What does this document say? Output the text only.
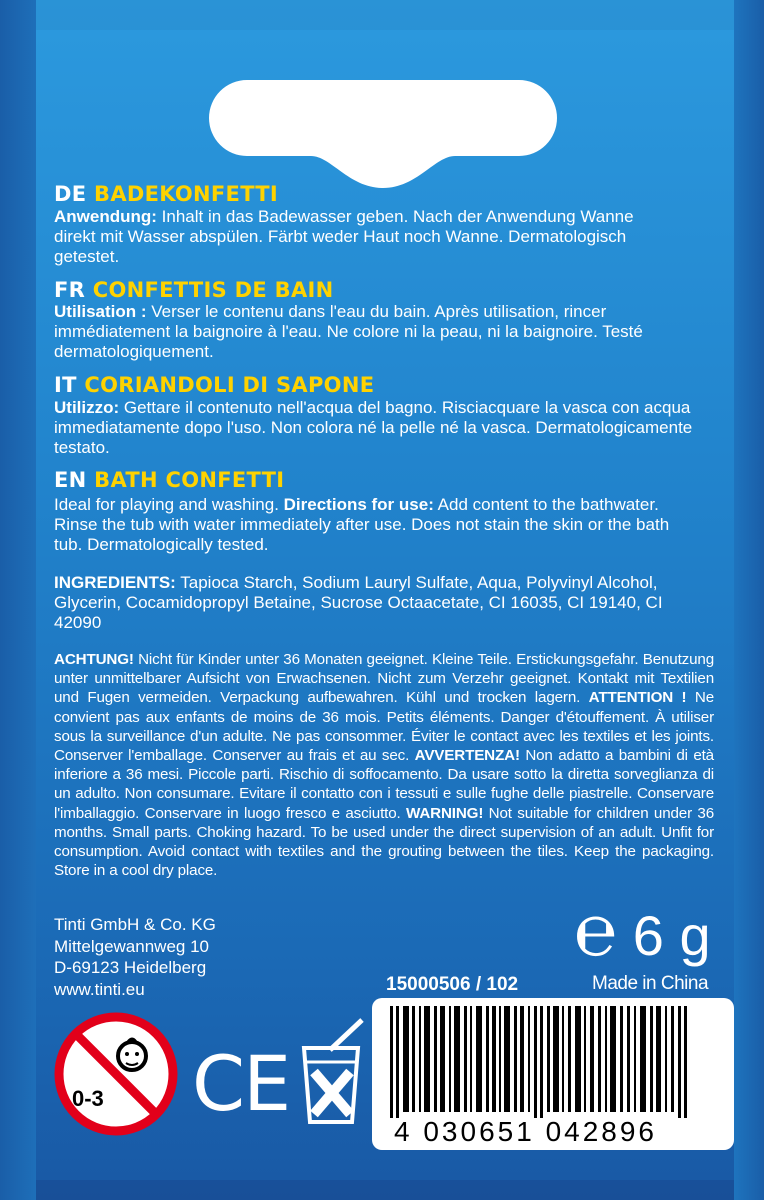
DE BADEKONFETTI
Anwendung: Inhalt in das Badewasser geben. Nach der Anwendung Wanne direkt mit Wasser abspülen. Färbt weder Haut noch Wanne. Dermatologisch getestet.
FR CONFETTIS DE BAIN
Utilisation : Verser le contenu dans l'eau du bain. Après utilisation, rincer immédiatement la baignoire à l'eau. Ne colore ni la peau, ni la baignoire. Testé dermatologiquement.
IT CORIANDOLI DI SAPONE
Utilizzo: Gettare il contenuto nell'acqua del bagno. Risciacquare la vasca con acqua immediatamente dopo l'uso. Non colora né la pelle né la vasca. Dermatologicamente testato.
EN BATH CONFETTI
Ideal for playing and washing. Directions for use: Add content to the bathwater. Rinse the tub with water immediately after use. Does not stain the skin or the bath tub. Dermatologically tested.
INGREDIENTS: Tapioca Starch, Sodium Lauryl Sulfate, Aqua, Polyvinyl Alcohol, Glycerin, Cocamidopropyl Betaine, Sucrose Octaacetate, CI 16035, CI 19140, CI 42090
ACHTUNG! Nicht für Kinder unter 36 Monaten geeignet. Kleine Teile. Erstickungsgefahr. Benutzung unter unmittelbarer Aufsicht von Erwachsenen. Nicht zum Verzehr geeignet. Kontakt mit Textilien und Fugen vermeiden. Verpackung aufbewahren. Kühl und trocken lagern. ATTENTION ! Ne convient pas aux enfants de moins de 36 mois. Petits éléments. Danger d'étouffement. À utiliser sous la surveillance d'un adulte. Ne pas consommer. Éviter le contact avec les textiles et les joints. Conserver l'emballage. Conserver au frais et au sec. AVVERTENZA! Non adatto a bambini di età inferiore a 36 mesi. Piccole parti. Rischio di soffocamento. Da usare sotto la diretta sorveglianza di un adulto. Non consumare. Evitare il contatto con i tessuti e sulle fughe delle piastrelle. Conservare l'imballaggio. Conservare in luogo fresco e asciutto. WARNING! Not suitable for children under 36 months. Small parts. Choking hazard. To be used under the direct supervision of an adult. Unfit for consumption. Avoid contact with textiles and the grouting between the tiles. Keep the packaging. Store in a cool dry place.
Tinti GmbH & Co. KG
Mittelgewannweg 10
D-69123 Heidelberg
www.tinti.eu
℮ 6 g
15000506 / 102	Made in China
4 030651 042896
0-3 CE
